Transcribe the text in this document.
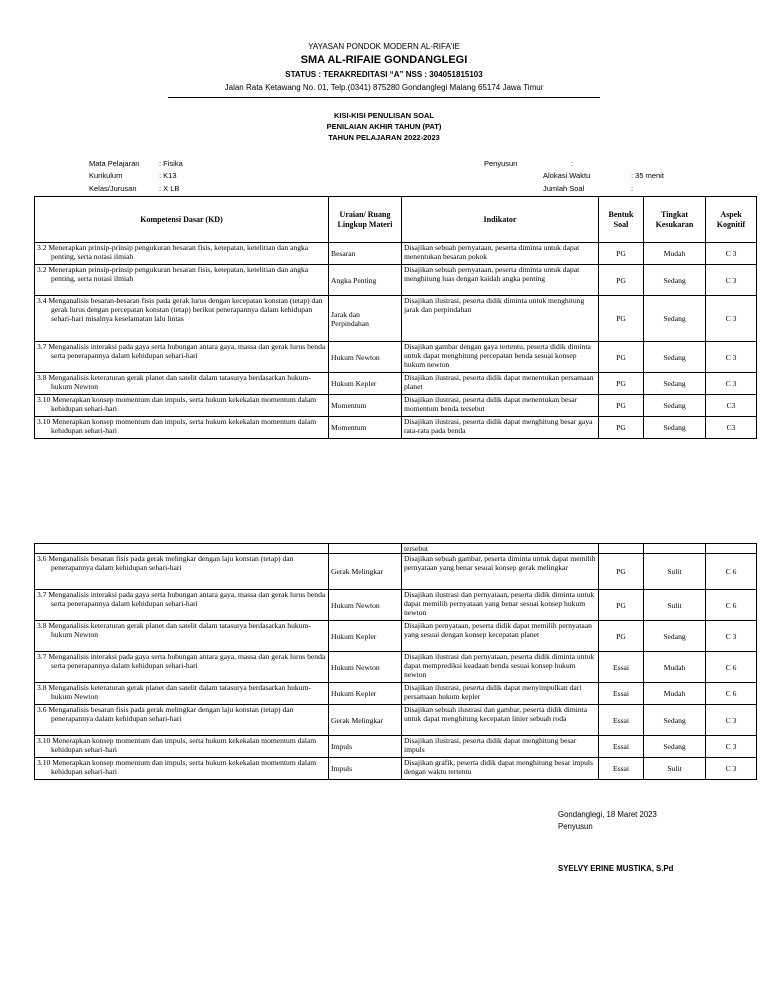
YAYASAN PONDOK MODERN AL-RIFA'IE
SMA AL-RIFAIE GONDANGLEGI
STATUS : TERAKREDITASI “A” NSS : 304051815103
Jalan Rata Ketawang No. 01, Telp.(0341) 875280 Gondanglegi Malang 65174 Jawa Timur
KISI-KISI PENULISAN SOAL
PENILAIAN AKHIR TAHUN (PAT)
TAHUN PELAJARAN 2022-2023
Mata Pelajaran	: Fisika
Kurikulum	: K13
Kelas/Jurusan	: X LB
Penyusun	:
Alokasi Waktu	: 35 menit
Jumlah Soal	:
Kompetensi Dasar (KD)	Uraian/ Ruang Lingkup Materi	Indikator	Bentuk Soal	Tingkat Kesukaran	Aspek Kognitif
3.2 Menerapkan prinsip-prinsip pengukuran besaran fisis, ketepatan, ketelitian dan angka penting, serta notasi ilmiah	Besaran	Disajikan sebuah pernyataan, peserta diminta untuk dapat menentukan besaran pokok	PG	Mudah	C 3
3.2 Menerapkan prinsip-prinsip pengukuran besaran fisis, ketepatan, ketelitian dan angka penting, serta notasi ilmiah	Angka Penting	Disajikan sebuah pernyataan, peserta diminta untuk dapat menghitung luas dengan kaidah angka penting	PG	Sedang	C 3
3.4 Menganalisis besaran-besaran fisis pada gerak lurus dengan kecepatan konstan (tetap) dan gerak lurus dengan percepatan konstan (tetap) berikut penerapannya dalam kehidupan sehari-hari misalnya keselamatan lalu lintas	Jarak dan Perpindahan	Disajikan ilustrasi, peserta didik diminta untuk menghitung jarak dan perpindahan	PG	Sedang	C 3
3.7 Menganalisis interaksi pada gaya serta hubungan antara gaya, massa dan gerak lurus benda serta penerapannya dalam kehidupan sehari-hari	Hukum Newton	Disajikan gambar dengan gaya tertentu, peserta didik diminta untuk dapat menghitung percepatan benda sesuai konsep hukum newton	PG	Sedang	C 3
3.8 Menganalisis keteraturan gerak planet dan satelit dalam tatasurya berdasarkan hukum-hukum Newton	Hukum Kepler	Disajikan ilustrasi, peserta didik dapat menentukan persamaan planet	PG	Sedang	C 3
3.10 Menerapkan konsep momentum dan impuls, serta hukum kekekalan momentum dalam kehidupan sehari-hari	Momentum	Disajikan ilustrasi, peserta didik dapat menentukan besar momentum benda tersebut	PG	Sedang	C3
3.10 Menerapkan konsep momentum dan impuls, serta hukum kekekalan momentum dalam kehidupan sehari-hari	Momentum	Disajikan ilustrasi, peserta didik dapat menghitung besar gaya rata-rata pada benda	PG	Sedang	C3
		tersebut			
3.6 Menganalisis besaran fisis pada gerak melingkar dengan laju konstan (tetap) dan penerapannya dalam kehidupan sehari-hari	Gerak Melingkar	Disajikan sebuah gambar, peserta diminta untuk dapat memilih pernyataan yang benar sesuai konsep gerak melingkar	PG	Sulit	C 6
3.7 Menganalisis interaksi pada gaya serta hubungan antara gaya, massa dan gerak lurus benda serta penerapannya dalam kehidupan sehari-hari	Hukum Newton	Disajikan ilustrasi dan pernyataan, peserta didik diminta untuk dapat memilih pernyataan yang benar sesuai konsep hukum newton	PG	Sulit	C 6
3.8 Menganalisis keteraturan gerak planet dan satelit dalam tatasurya berdasarkan hukum-hukum Newton	Hukum Kepler	Disajikan pernyataan, peserta didik dapat memilih pernyataan yang sesuai dengan konsep kecepatan planet	PG	Sedang	C 3
3.7 Menganalisis interaksi pada gaya serta hubungan antara gaya, massa dan gerak lurus benda serta penerapannya dalam kehidupan sehari-hari	Hukum Newton	Disajikan ilustrasi dan pernyataan, peserta didik diminta untuk dapat memprediksi keadaan benda sesuai konsep hukum newton	Essai	Mudah	C 6
3.8 Menganalisis keteraturan gerak planet dan satelit dalam tatasurya berdasarkan hukum-hukum Newton	Hukum Kepler	Disajikan ilustrasi, peserta didik dapat menyimpulkan dari persamaan hukum kepler	Essai	Mudah	C 6
3.6 Menganalisis besaran fisis pada gerak melingkar dengan laju konstan (tetap) dan penerapannya dalam kehidupan sehari-hari	Gerak Melingkar	Disajikan sebuah ilustrasi dan gambar, peserta didik diminta untuk dapat menghitung kecepatan linier sebuah roda	Essai	Sedang	C 3
3.10 Menerapkan konsep momentum dan impuls, serta hukum kekekalan momentum dalam kehidupan sehari-hari	Impuls	Disajikan ilustrasi, peserta didik dapat menghitung besar impuls	Essai	Sedang	C 3
3.10 Menerapkan konsep momentum dan impuls, serta hukum kekekalan momentum dalam kehidupan sehari-hari	Impuls	Disajikan grafik, peserta didik dapat menghitung besar impuls dengan waktu tertentu	Essai	Sulit	C 3
Gondanglegi, 18 Maret 2023
Penyusun
SYELVY ERINE MUSTIKA, S.Pd
